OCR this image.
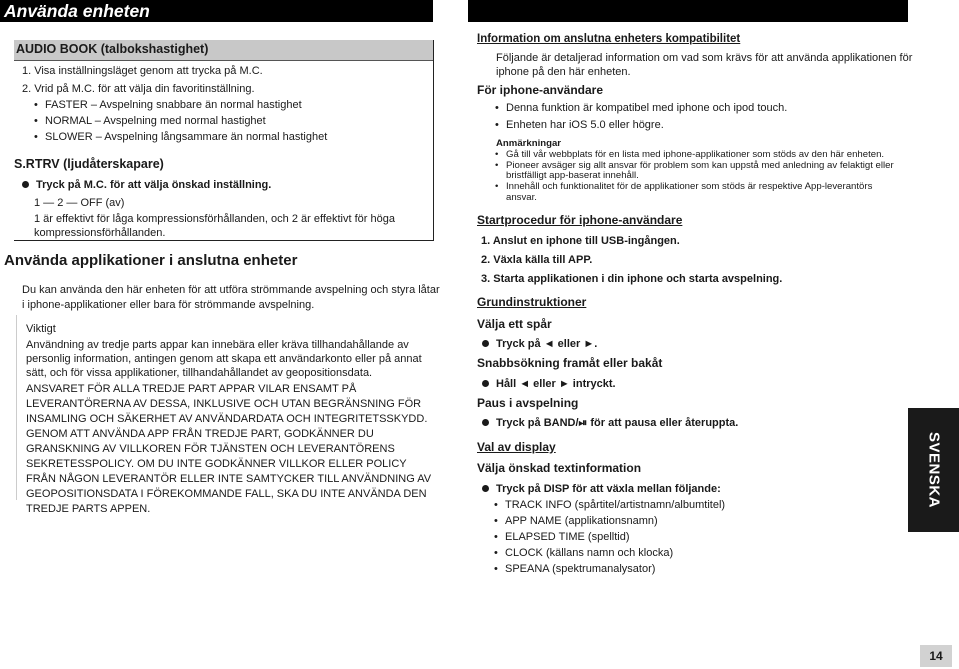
Använda enheten
AUDIO BOOK (talbokshastighet)
1. Visa inställningsläget genom att trycka på M.C.
2. Vrid på M.C. för att välja din favoritinställning.
• FASTER – Avspelning snabbare än normal hastighet
• NORMAL – Avspelning med normal hastighet
• SLOWER – Avspelning långsammare än normal hastighet
S.RTRV (ljudåterskapare)
Tryck på M.C. för att välja önskad inställning.
1 — 2 — OFF (av)
1 är effektivt för låga kompressionsförhållanden, och 2 är effektivt för höga
kompressionsförhållanden.
Använda applikationer i anslutna enheter
Du kan använda den här enheten för att utföra strömmande avspelning och styra låtar
i iphone-applikationer eller bara för strömmande avspelning.
Viktigt
Användning av tredje parts appar kan innebära eller kräva tillhandahållande av
personlig information, antingen genom att skapa ett användarkonto eller på annat
sätt, och för vissa applikationer, tillhandahållandet av geopositionsdata.
ANSVARET FÖR ALLA TREDJE PART APPAR VILAR ENSAMT PÅ
LEVERANTÖRERNA AV DESSA, INKLUSIVE OCH UTAN BEGRÄNSNING FÖR
INSAMLING OCH SÄKERHET AV ANVÄNDARDATA OCH INTEGRITETSSKYDD.
GENOM ATT ANVÄNDA APP FRÅN TREDJE PART, GODKÄNNER DU
GRANSKNING AV VILLKOREN FÖR TJÄNSTEN OCH LEVERANTÖRENS
SEKRETESSPOLICY. OM DU INTE GODKÄNNER VILLKOR ELLER POLICY
FRÅN NÅGON LEVERANTÖR ELLER INTE SAMTYCKER TILL ANVÄNDNING AV
GEOPOSITIONSDATA I FÖREKOMMANDE FALL, SKA DU INTE ANVÄNDA DEN
TREDJE PARTS APPEN.
Information om anslutna enheters kompatibilitet
Följande är detaljerad information om vad som krävs för att använda applikationen för
iphone på den här enheten.
För iphone-användare
• Denna funktion är kompatibel med iphone och ipod touch.
• Enheten har iOS 5.0 eller högre.
Anmärkningar
• Gå till vår webbplats för en lista med iphone-applikationer som stöds av den här enheten.
• Pioneer avsäger sig allt ansvar för problem som kan uppstå med anledning av felaktigt eller
bristfälligt app-baserat innehåll.
• Innehåll och funktionalitet för de applikationer som stöds är respektive App-leverantörs
ansvar.
Startprocedur för iphone-användare
1. Anslut en iphone till USB-ingången.
2. Växla källa till APP.
3. Starta applikationen i din iphone och starta avspelning.
Grundinstruktioner
Välja ett spår
Tryck på ◄ eller ►.
Snabbsökning framåt eller bakåt
Håll ◄ eller ► intryckt.
Paus i avspelning
Tryck på BAND/⏯ för att pausa eller återuppta.
Val av display
Välja önskad textinformation
Tryck på DISP för att växla mellan följande:
• TRACK INFO (spårtitel/artistnamn/albumtitel)
• APP NAME (applikationsnamn)
• ELAPSED TIME (spelltid)
• CLOCK (källans namn och klocka)
• SPEANA (spektrumanalysator)
SVENSKA
14
